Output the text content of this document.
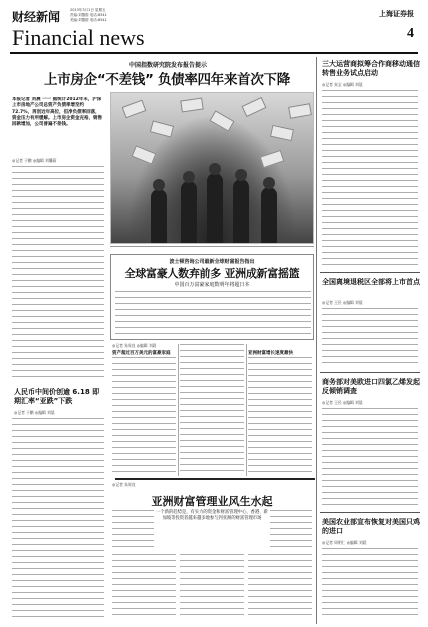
财经新闻	2013年3月1日 星期五
责编:刘馨蔚 电话:8541
美编:刘馨蔚 电话:8541
上海证券报
Financial news	4
中国指数研究院发布报告提示
上市房企“不差钱” 负债率四年来首次下降
本报记者 刘晨 一一 据统计2012年末，沪深上市房地产公司总资产负债率增至约72.7%，再创近年高位，但净负债率回落，资金压力有所缓解。上市房企资金充裕，销售回款增加，公司普遍不差钱。
◎记者 于鹏 ◎编辑 刘馨蔚
人民币中间价创逾 6.18 即期汇率“亚跌”下跌
◎记者 于鹏 ◎编辑 刘晨
波士顿咨询公司最新全球财富报告指出
全球富豪人数弃前多 亚洲成新富摇篮
中国百万富豪家庭数明年将超日本
◎记者 朱周良 ◎编辑 刘晨
资产超过百万美元的富豪家庭	亚洲财富增长速度最快
◎记者 朱周良
亚洲财富管理业风生水起
一个新的趋势是，有实力的资金和财富管理中心、香港、新加坡等投资者越来越多地参与到亚洲的财富管理市场
三大运营商拟筹合作商移动通信转售业务试点启动
◎记者 朱宝 ◎编辑 刘晨
全国离境退税区全部将上市首点
◎记者 王民 ◎编辑 刘晨
商务部对美欧进口四氯乙烯发起反倾销调查
◎记者 王民 ◎编辑 刘晨
美国农业部宣布恢复对美国只鸡的进口
◎记者 周明仁 ◎编辑 刘晨
